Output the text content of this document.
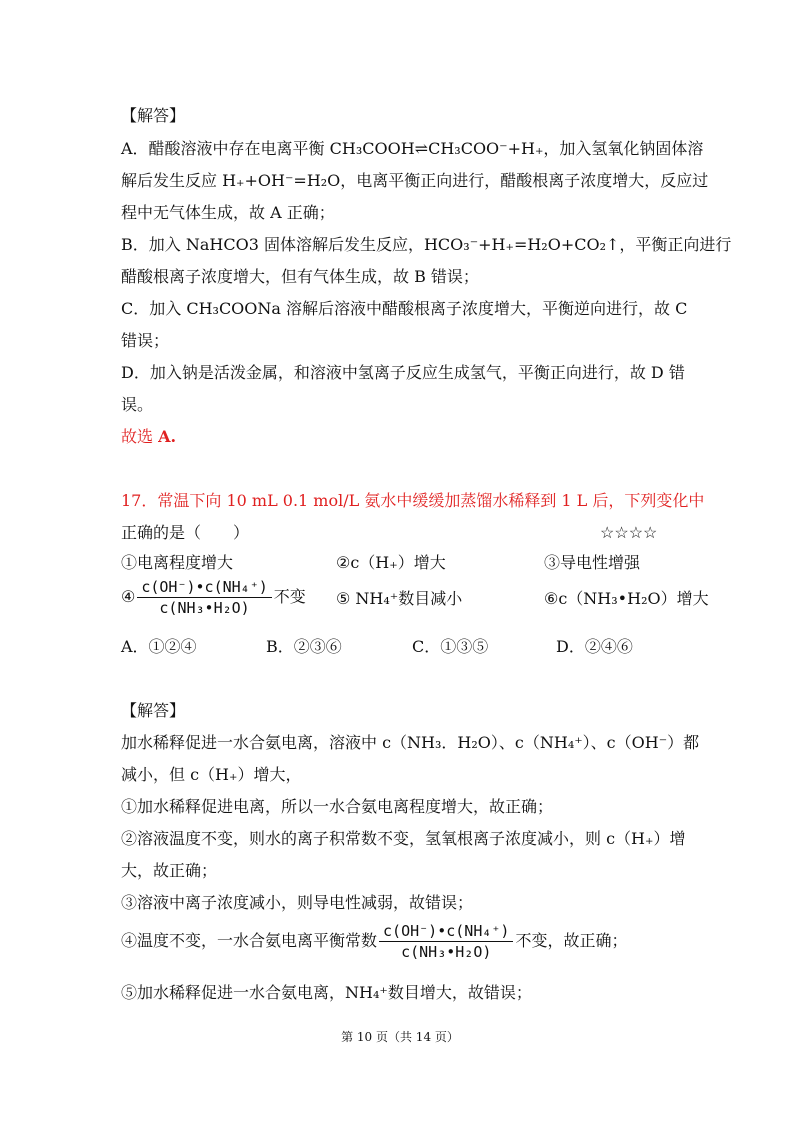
【解答】
A．醋酸溶液中存在电离平衡 CH₃COOH⇌CH₃COO⁻+H₊，加入氢氧化钠固体溶
解后发生反应 H₊+OH⁻=H₂O，电离平衡正向进行，醋酸根离子浓度增大，反应过
程中无气体生成，故 A 正确；
B．加入 NaHCO3 固体溶解后发生反应，HCO₃⁻+H₊=H₂O+CO₂↑，平衡正向进行
醋酸根离子浓度增大，但有气体生成，故 B 错误；
C．加入 CH₃COONa 溶解后溶液中醋酸根离子浓度增大，平衡逆向进行，故 C
错误；
D．加入钠是活泼金属，和溶液中氢离子反应生成氢气，平衡正向进行，故 D 错
误。
故选 A.
17．常温下向 10 mL 0.1 mol/L 氨水中缓缓加蒸馏水稀释到 1 L 后，下列变化中
正确的是（　　）	☆☆☆☆
①电离程度增大	②c（H₊）增大	③导电性增强
④ $\frac{\text{c(OH⁻)•c(NH₄⁺)}}{\text{c(NH₃•H₂O)}}$ 不变 ⑤ NH₄⁺数目减小	⑥c（NH₃•H₂O）增大
A．①②④	B．②③⑥	C．①③⑤	D．②④⑥
【解答】
加水稀释促进一水合氨电离，溶液中 c（NH₃．H₂O）、c（NH₄⁺）、c（OH⁻）都
减小，但 c（H₊）增大，
①加水稀释促进电离，所以一水合氨电离程度增大，故正确；
②溶液温度不变，则水的离子积常数不变，氢氧根离子浓度减小，则 c（H₊）增
大，故正确；
③溶液中离子浓度减小，则导电性减弱，故错误；
④温度不变，一水合氨电离平衡常数 $\frac{\text{c(OH⁻)•c(NH₄⁺)}}{\text{c(NH₃•H₂O)}}$ 不变，故正确；
⑤加水稀释促进一水合氨电离，NH₄⁺数目增大，故错误；
第 10 页（共 14 页）
